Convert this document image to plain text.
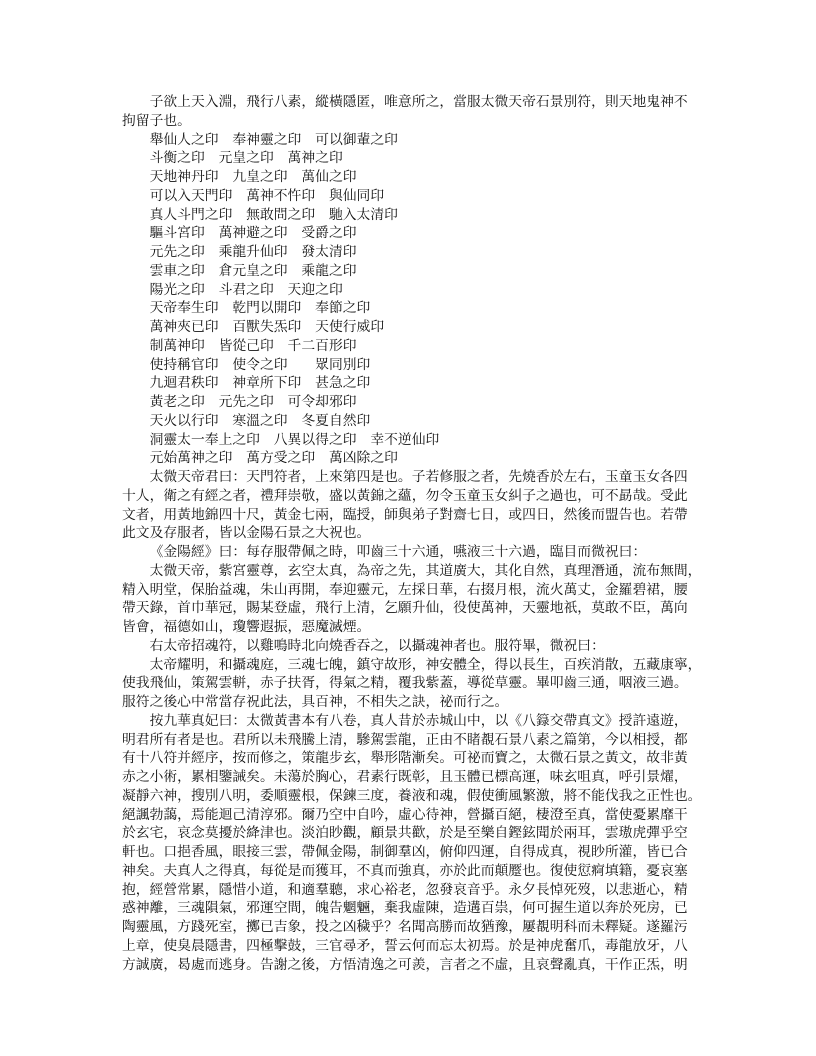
子欲上天入淵，飛行八素，縱橫隱匿，唯意所之，當服太微天帝石景別符，則天地鬼神不
拘留子也。
舉仙人之印　奉神靈之印　可以御輩之印
斗衡之印　元皇之印　萬神之印
天地神丹印　九皇之印　萬仙之印
可以入天門印　萬神不忤印　與仙同印
真人斗門之印　無敢問之印　馳入太清印
驅斗宮印　萬神避之印　受爵之印
元先之印　乘龍升仙印　發太清印
雲車之印　倉元皇之印　乘龍之印
陽光之印　斗君之印　天迎之印
天帝奉生印　乾門以開印　奉節之印
萬神夾已印　百獸失炁印　天使行威印
制萬神印　皆從己印　千二百形印
使持稱官印　使令之印　　眾同別印
九迴君秩印　神章所下印　甚急之印
黃老之印　元先之印　可令却邪印
天火以行印　寒溫之印　冬夏自然印
洞靈太一奉上之印　八異以得之印　幸不逆仙印
元始萬神之印　萬方受之印　萬凶除之印
太微天帝君曰：天門符者，上來第四是也。子若修服之者，先燒香於左右，玉童玉女各四
十人，衛之有經之者，禮拜崇敬，盛以黃錦之蘊，勿令玉童玉女糾子之過也，可不勗哉。受此
文者，用黃地錦四十尺，黃金七兩，臨授，師與弟子對齋七日，或四日，然後而盟告也。若帶
此文及存服者，皆以金陽石景之大祝也。
《金陽經》曰：每存服帶佩之時，叩齒三十六通，嚥液三十六過，臨目而微祝曰：
太微天帝，紫宮靈尊，玄空太真，為帝之先，其道廣大，其化自然，真理潛通，流布無間，
精入明堂，保胎益魂，朱山再開，奉迎靈元，左採日華，右掇月根，流火萬丈，金羅碧裙，腰
帶天錄，首巾華冠，賜某登虛，飛行上清，乞願升仙，役使萬神，天靈地祇，莫敢不臣，萬向
皆會，福德如山，瓊響遐振，惡魔滅煙。
右太帝招魂符，以雞鳴時北向燒香吞之，以攝魂神者也。服符畢，微祝曰：
太帝耀明，和攝魂庭，三魂七魄，鎮守故形，神安體全，得以長生，百疾消散，五藏康寧，
使我飛仙，策駕雲軿，赤子扶胥，得氣之精，覆我紫蓋，導從草靈。畢叩齒三通，咽液三過。
服符之後心中常當存祝此法，具百神，不相失之訣，祕而行之。
按九華真妃曰：太微黃書本有八卷，真人昔於赤城山中，以《八籙交帶真文》授許遠遊，
明君所有者是也。君所以未飛騰上清，驂駕雲龍，正由不睹覩石景八素之篇第，今以相授，都
有十八符并經序，按而修之，策龍步玄，舉形階漸矣。可祕而寶之，太微石景之黃文，故非黃
赤之小術，累相鑒誡矣。未蕩於胸心，君素行既彰，且玉體已標高運，味玄咀真，呼引景燿，
凝靜六神，搜別八明，委順靈根，保鍊三度，養液和魂，假使衝風繁激，將不能伐我之正性也。
絕諷勃藹，焉能迴己清淳邪。爾乃空中自吟，虛心待神，營攝百絕，棲澄至真，當使憂累靡干
於玄宅，哀念莫擾於絳津也。淡泊眇觀，顧景共歡，於是至樂自鏗鉉聞於兩耳，雲璈虎彈乎空
軒也。口挹香風，眼接三雲，帶佩金陽，制御羣凶，俯仰四運，自得成真，視眇所灌，皆已合
神矣。夫真人之得真，每從是而獲耳，不真而強真，亦於此而顛蹷也。復使愆痾填籍，憂哀塞
抱，經營常累，隱惜小道，和適羣聽，求心裕老，忽發哀音乎。永夕長悼死歿，以悲逝心，精
惑神離，三魂隕氣，邪運空間，魄告魍魎，棄我虛陳，造遘百祟，何可握生道以奔於死房，已
陶靈風，方踐死室，擲已吉象，投之凶穢乎？名聞高勝而故猶豫，屢覩明科而未釋疑。遂羅污
上章，使臭晨隱書，四極擊鼓，三官尋矛，誓云何而忘太初焉。於是神虎奮爪，毒龍放牙，八
方誠廣，曷處而逃身。告謝之後，方悟清逸之可羨，言者之不虛，且哀聲亂真，干作正炁，明
